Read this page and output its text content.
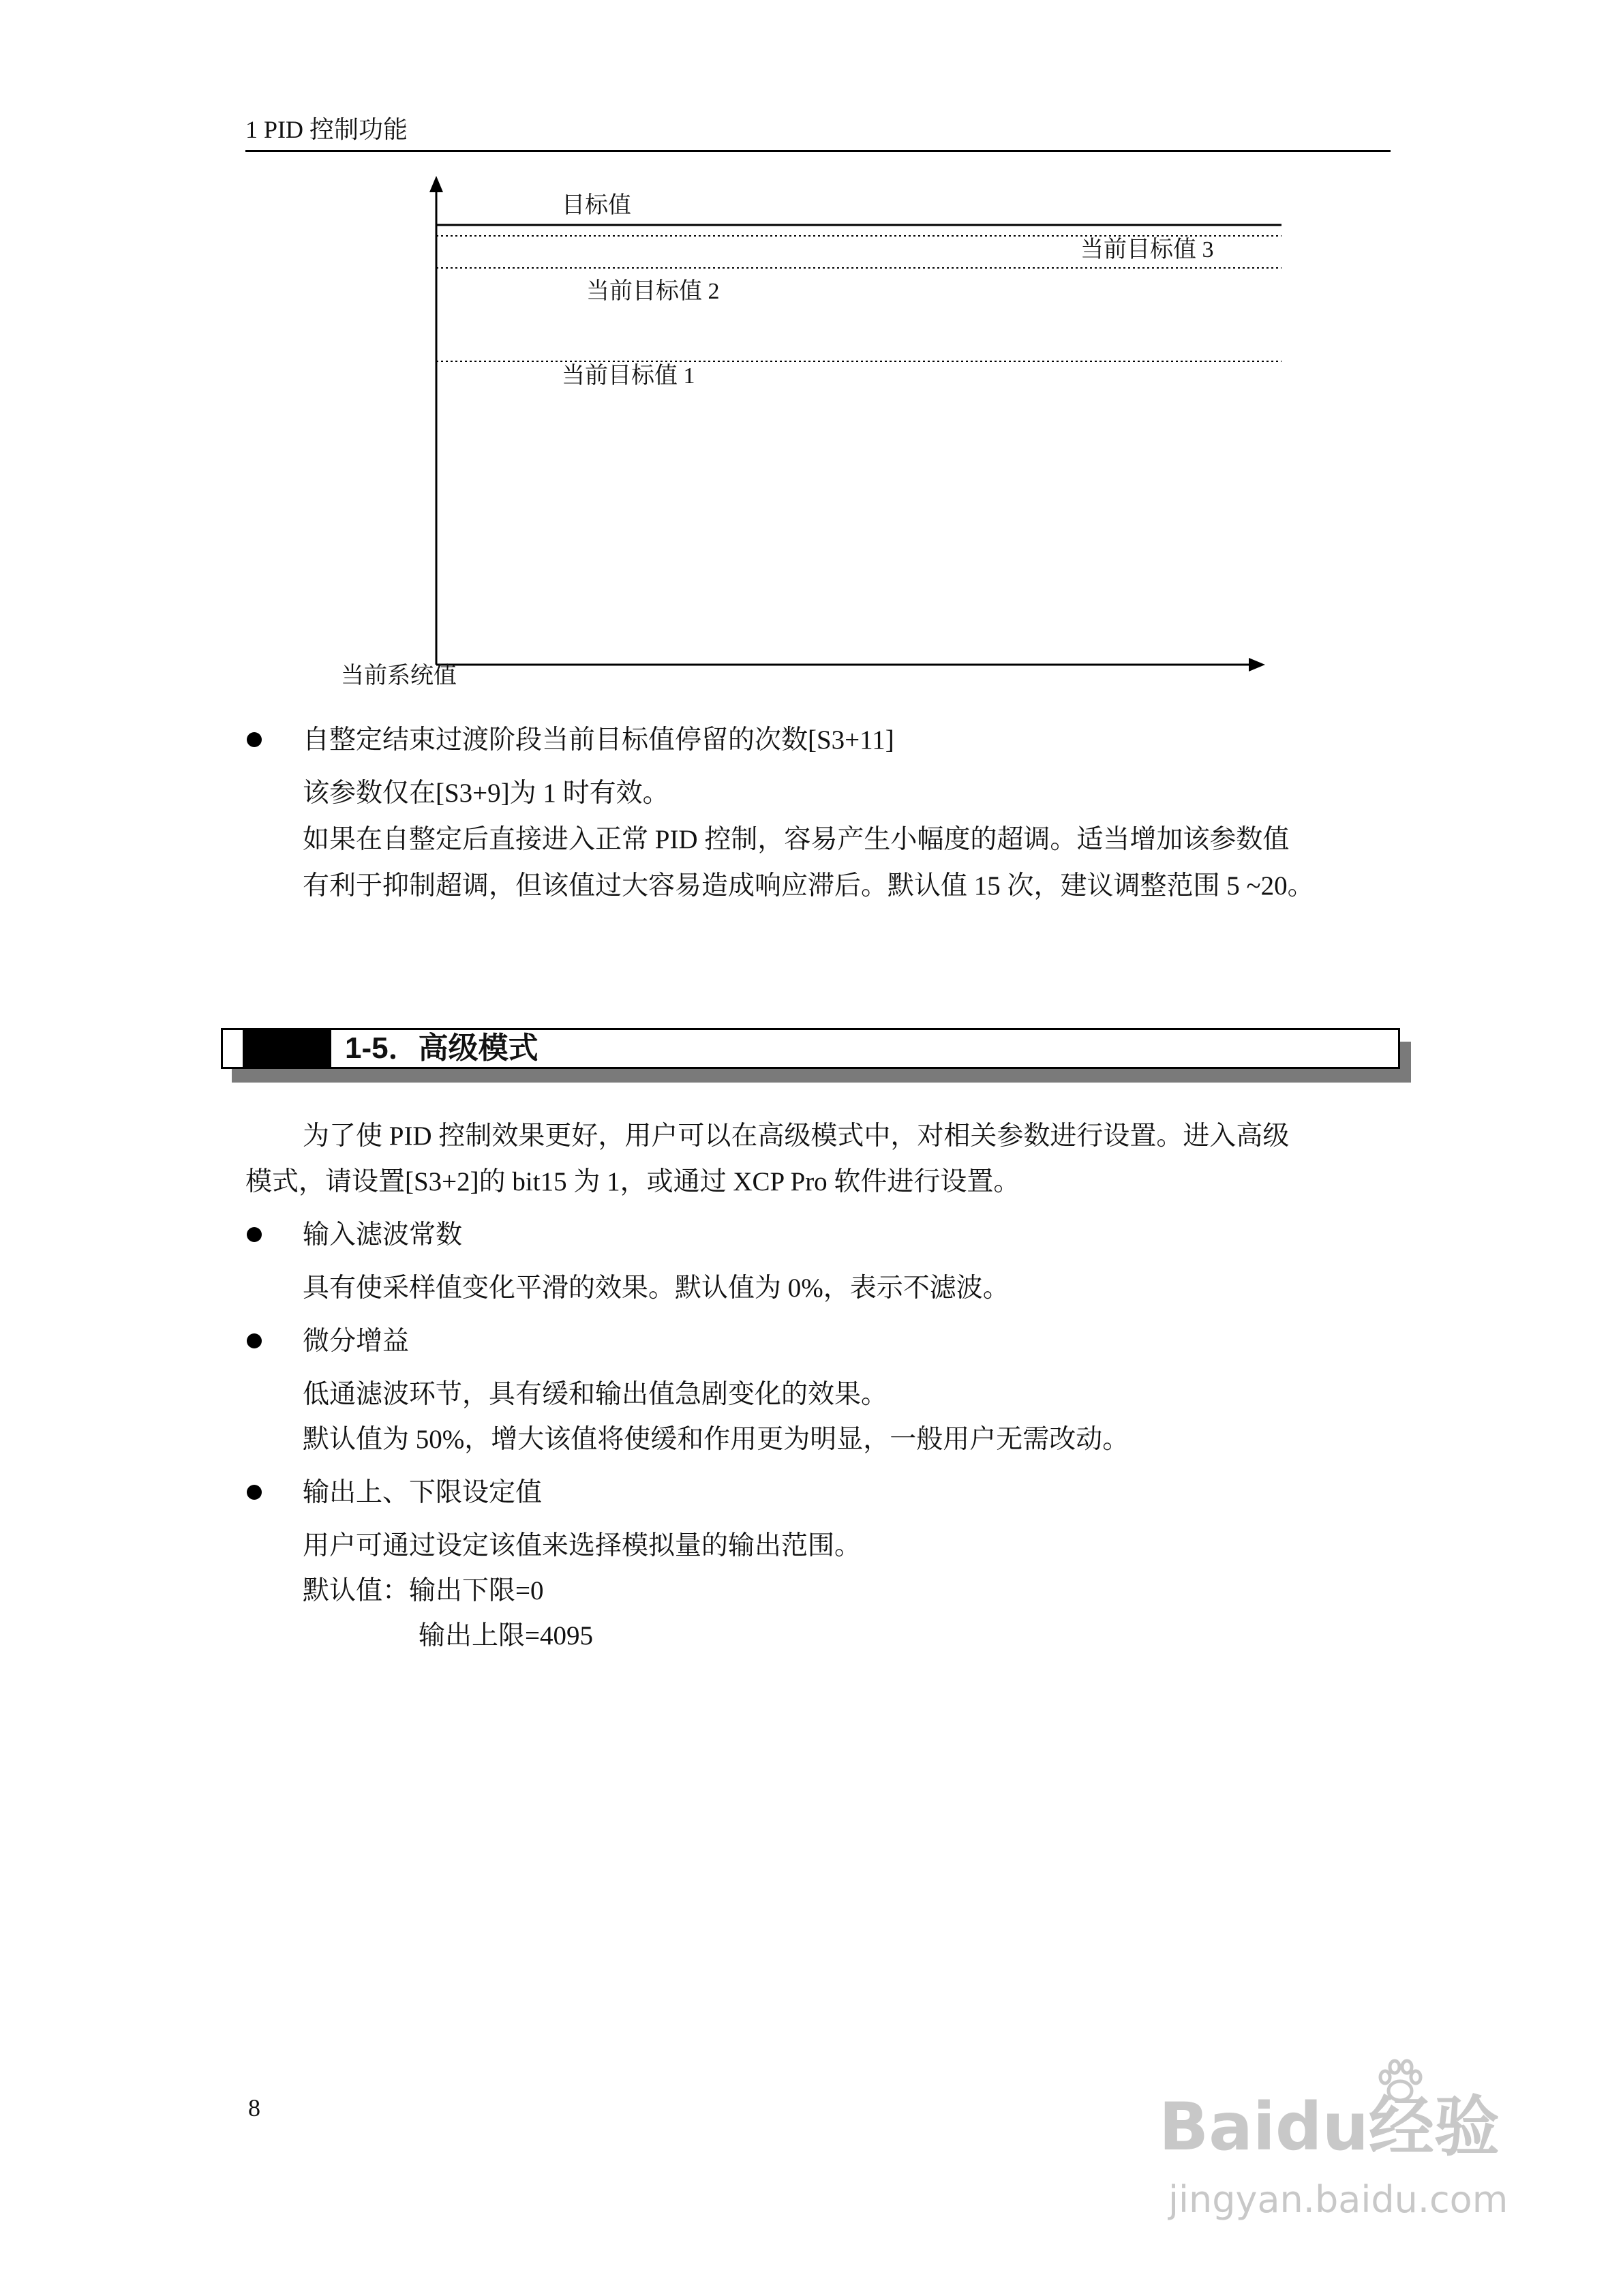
1 PID 控制功能
目标值
当前目标值 3
当前目标值 2
当前目标值 1
当前系统值
自整定结束过渡阶段当前目标值停留的次数[S3+11]
该参数仅在[S3+9]为 1 时有效。
如果在自整定后直接进入正常 PID 控制，容易产生小幅度的超调。适当增加该参数值
有利于抑制超调，但该值过大容易造成响应滞后。默认值 15 次，建议调整范围 5 ~20。
1-5．高级模式
为了使 PID 控制效果更好，用户可以在高级模式中，对相关参数进行设置。进入高级
模式，请设置[S3+2]的 bit15 为 1，或通过 XCP Pro 软件进行设置。
输入滤波常数
具有使采样值变化平滑的效果。默认值为 0%，表示不滤波。
微分增益
低通滤波环节，具有缓和输出值急剧变化的效果。
默认值为 50%，增大该值将使缓和作用更为明显，一般用户无需改动。
输出上、下限设定值
用户可通过设定该值来选择模拟量的输出范围。
默认值：输出下限=0
输出上限=4095
8	Baidu经验
jingyan.baidu.com
